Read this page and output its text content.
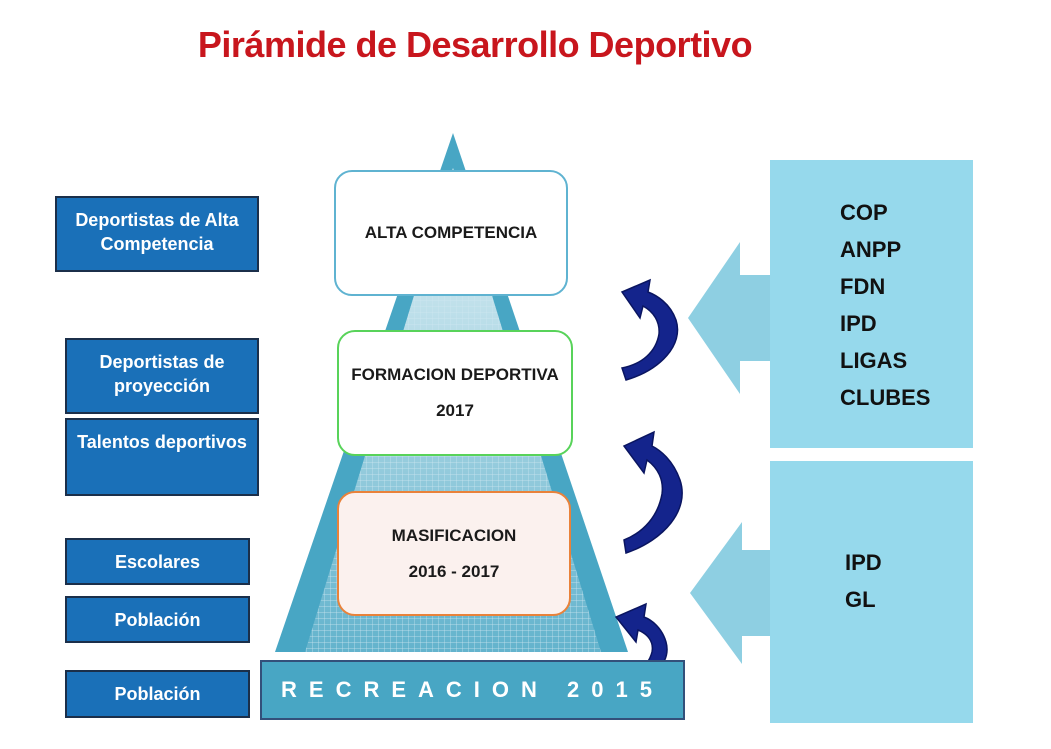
Pirámide de Desarrollo Deportivo
Deportistas de Alta
Competencia
Deportistas de
proyección
Talentos deportivos
Escolares
Población
Población
ALTA COMPETENCIA
FORMACION DEPORTIVA
2017
MASIFICACION
2016 - 2017
RECREACION 2015
COP
ANPP
FDN
IPD
LIGAS
CLUBES
IPD
GL
